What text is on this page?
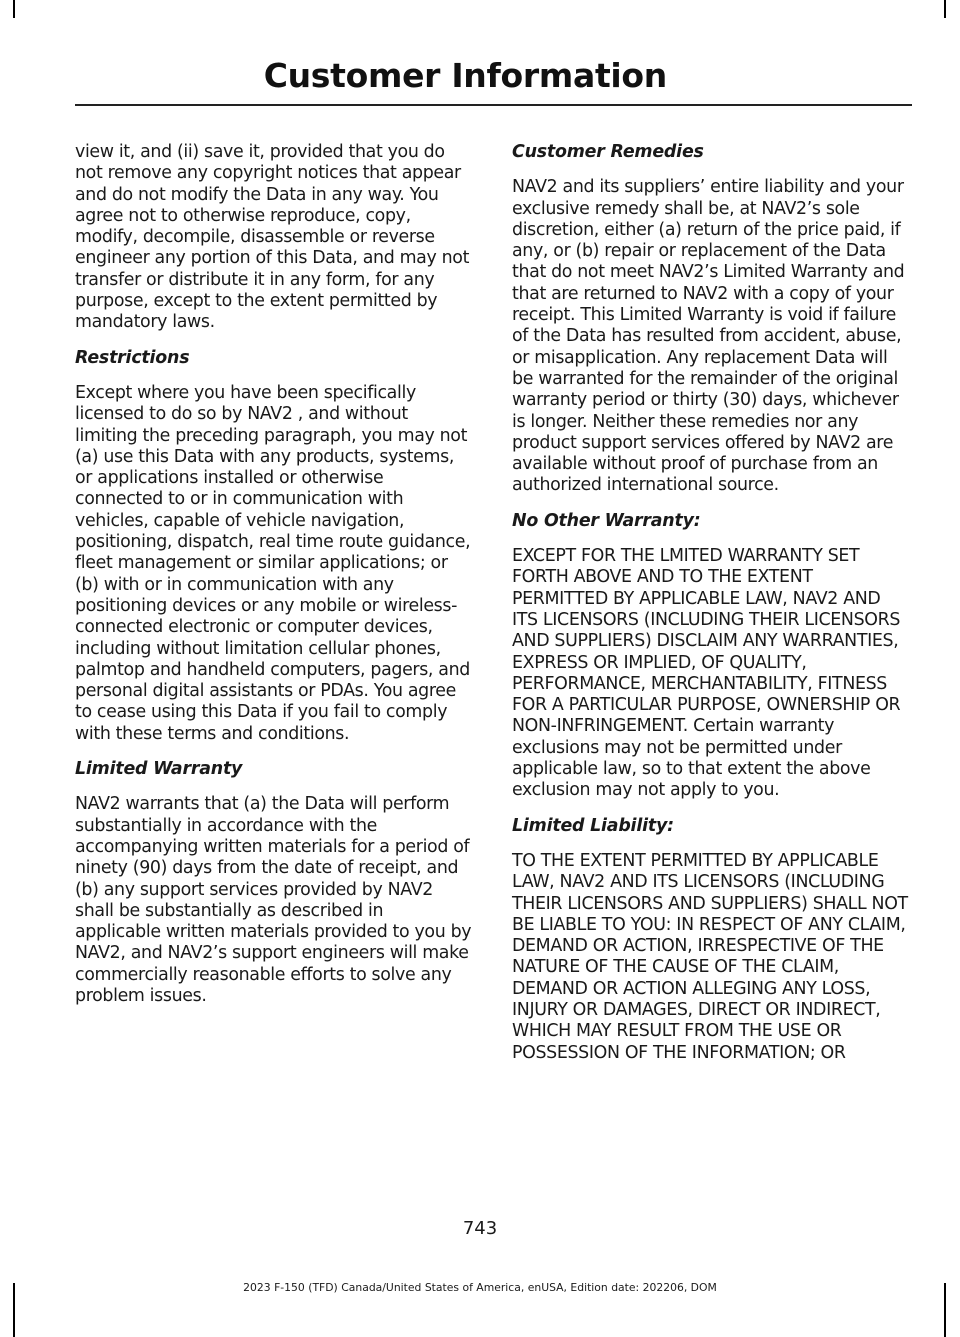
Customer Information

view it, and (ii) save it, provided that you do not remove any copyright notices that appear and do not modify the Data in any way. You agree not to otherwise reproduce, copy, modify, decompile, disassemble or reverse engineer any portion of this Data, and may not transfer or distribute it in any form, for any purpose, except to the extent permitted by mandatory laws.

Restrictions

Except where you have been specifically licensed to do so by NAV2 , and without limiting the preceding paragraph, you may not (a) use this Data with any products, systems, or applications installed or otherwise connected to or in communication with vehicles, capable of vehicle navigation, positioning, dispatch, real time route guidance, fleet management or similar applications; or (b) with or in communication with any positioning devices or any mobile or wireless-connected electronic or computer devices, including without limitation cellular phones, palmtop and handheld computers, pagers, and personal digital assistants or PDAs. You agree to cease using this Data if you fail to comply with these terms and conditions.

Limited Warranty

NAV2 warrants that (a) the Data will perform substantially in accordance with the accompanying written materials for a period of ninety (90) days from the date of receipt, and (b) any support services provided by NAV2 shall be substantially as described in applicable written materials provided to you by NAV2, and NAV2’s support engineers will make commercially reasonable efforts to solve any problem issues.

Customer Remedies

NAV2 and its suppliers’ entire liability and your exclusive remedy shall be, at NAV2’s sole discretion, either (a) return of the price paid, if any, or (b) repair or replacement of the Data that do not meet NAV2’s Limited Warranty and that are returned to NAV2 with a copy of your receipt. This Limited Warranty is void if failure of the Data has resulted from accident, abuse, or misapplication. Any replacement Data will be warranted for the remainder of the original warranty period or thirty (30) days, whichever is longer. Neither these remedies nor any product support services offered by NAV2 are available without proof of purchase from an authorized international source.

No Other Warranty:

EXCEPT FOR THE LMITED WARRANTY SET FORTH ABOVE AND TO THE EXTENT PERMITTED BY APPLICABLE LAW, NAV2 AND ITS LICENSORS (INCLUDING THEIR LICENSORS AND SUPPLIERS) DISCLAIM ANY WARRANTIES, EXPRESS OR IMPLIED, OF QUALITY, PERFORMANCE, MERCHANTABILITY, FITNESS FOR A PARTICULAR PURPOSE, OWNERSHIP OR NON-INFRINGEMENT. Certain warranty exclusions may not be permitted under applicable law, so to that extent the above exclusion may not apply to you.

Limited Liability:

TO THE EXTENT PERMITTED BY APPLICABLE LAW, NAV2 AND ITS LICENSORS (INCLUDING THEIR LICENSORS AND SUPPLIERS) SHALL NOT BE LIABLE TO YOU: IN RESPECT OF ANY CLAIM, DEMAND OR ACTION, IRRESPECTIVE OF THE NATURE OF THE CAUSE OF THE CLAIM, DEMAND OR ACTION ALLEGING ANY LOSS, INJURY OR DAMAGES, DIRECT OR INDIRECT, WHICH MAY RESULT FROM THE USE OR POSSESSION OF THE INFORMATION; OR

743
2023 F-150 (TFD) Canada/United States of America, enUSA, Edition date: 202206, DOM
